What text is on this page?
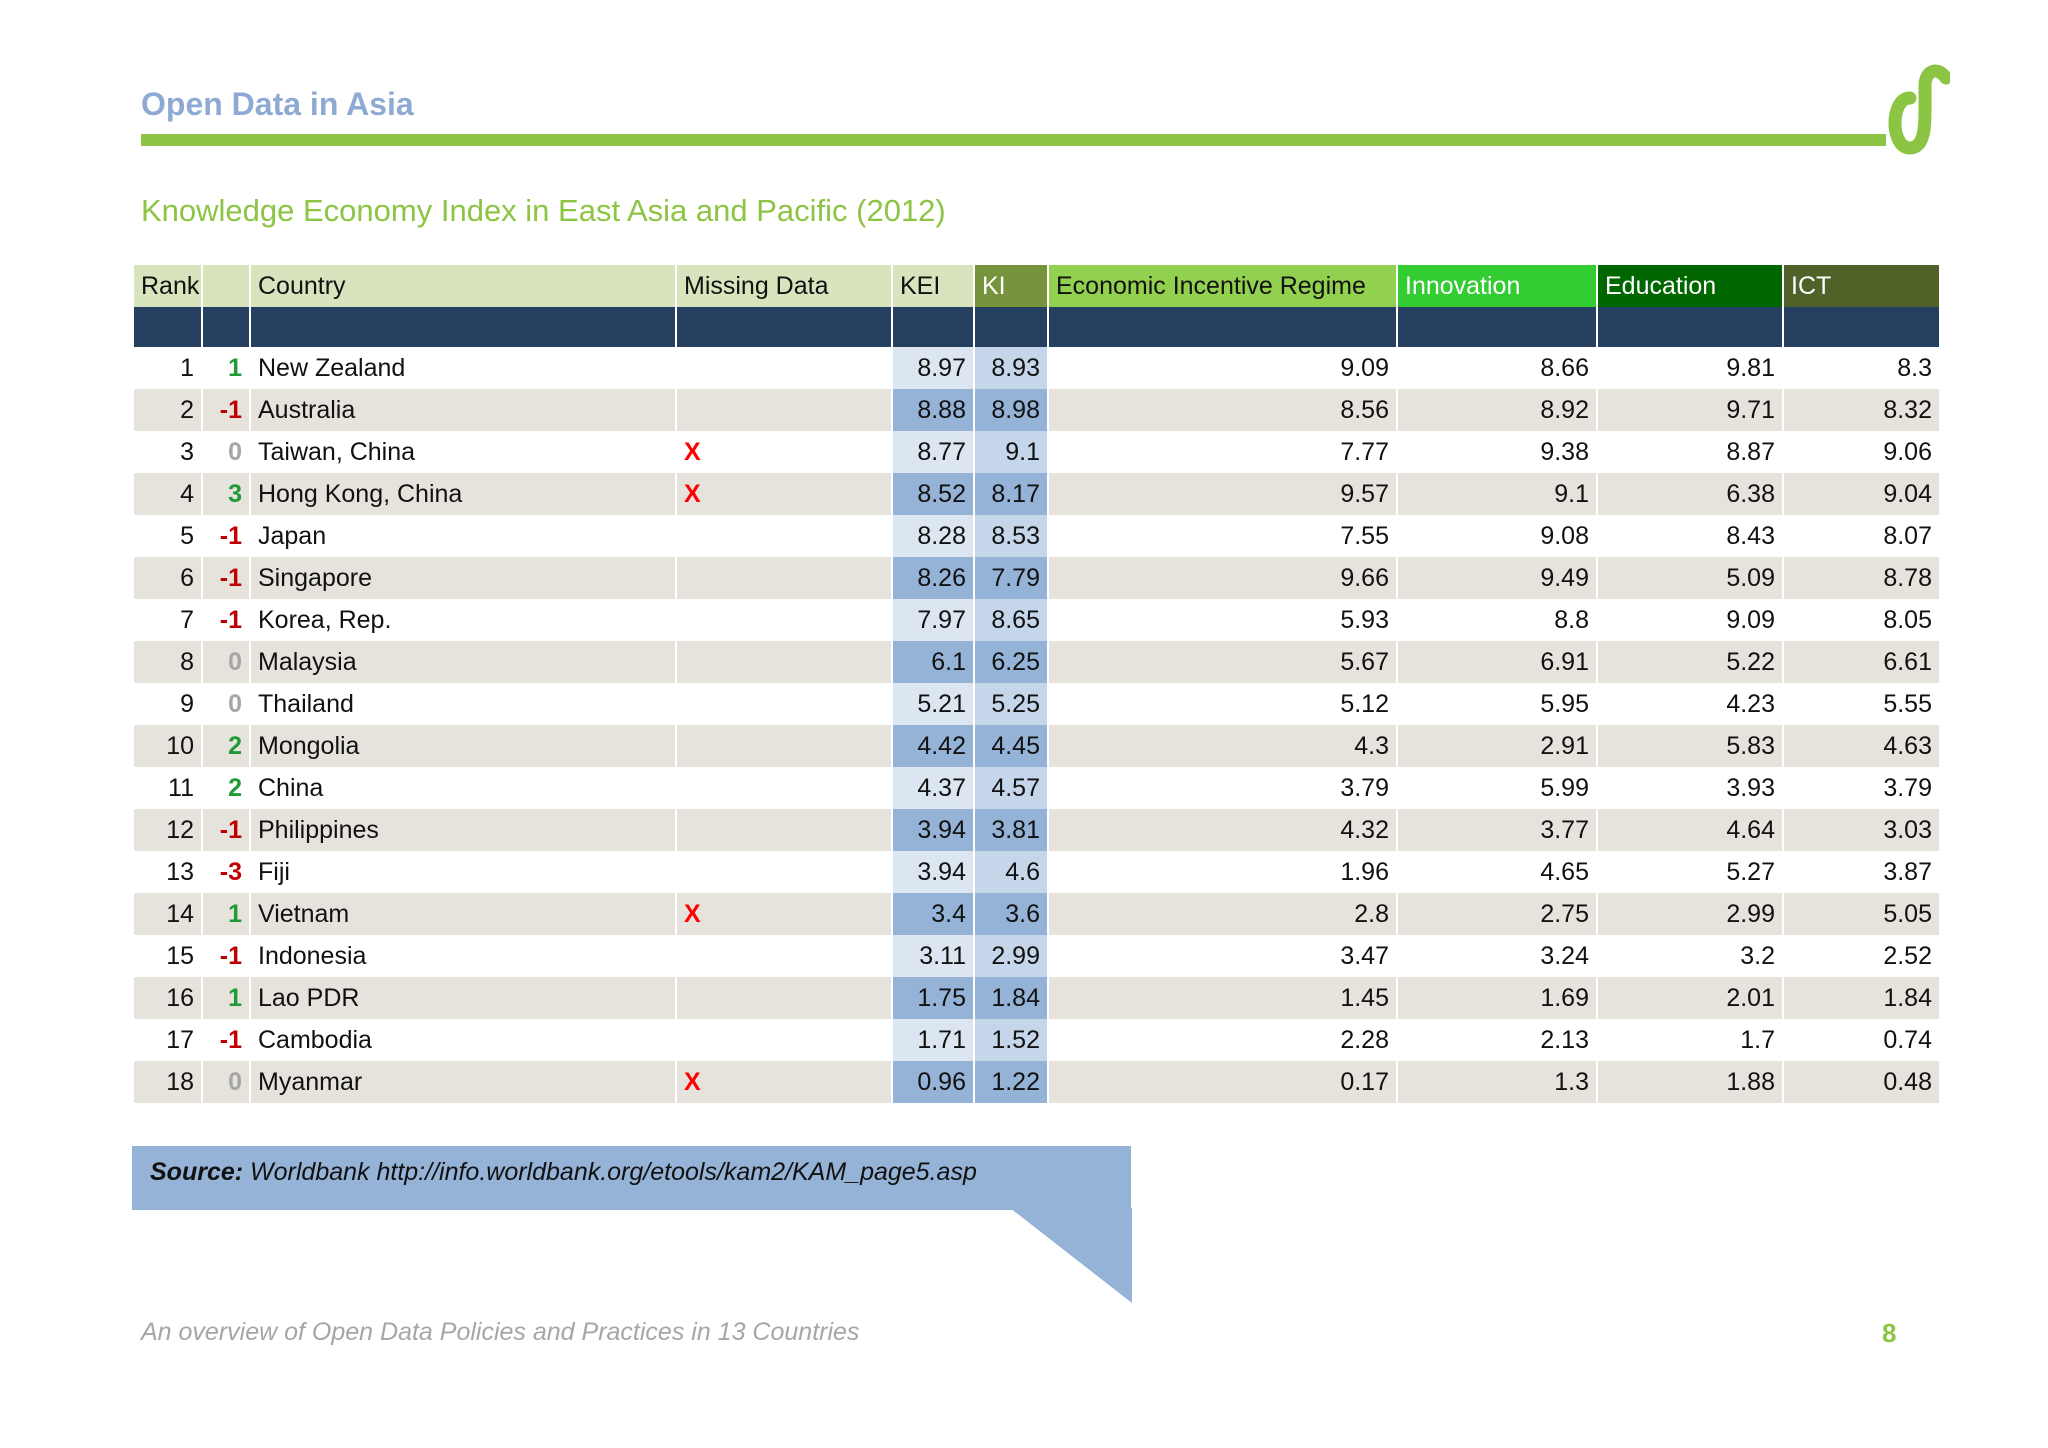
Open Data in Asia
Knowledge Economy Index in East Asia and Pacific (2012)
Rank		Country	Missing Data	KEI	KI	Economic Incentive Regime	Innovation	Education	ICT

1	1	New Zealand		8.97	8.93	9.09	8.66	9.81	8.3
2	-1	Australia		8.88	8.98	8.56	8.92	9.71	8.32
3	0	Taiwan, China	X	8.77	9.1	7.77	9.38	8.87	9.06
4	3	Hong Kong, China	X	8.52	8.17	9.57	9.1	6.38	9.04
5	-1	Japan		8.28	8.53	7.55	9.08	8.43	8.07
6	-1	Singapore		8.26	7.79	9.66	9.49	5.09	8.78
7	-1	Korea, Rep.		7.97	8.65	5.93	8.8	9.09	8.05
8	0	Malaysia		6.1	6.25	5.67	6.91	5.22	6.61
9	0	Thailand		5.21	5.25	5.12	5.95	4.23	5.55
10	2	Mongolia		4.42	4.45	4.3	2.91	5.83	4.63
11	2	China		4.37	4.57	3.79	5.99	3.93	3.79
12	-1	Philippines		3.94	3.81	4.32	3.77	4.64	3.03
13	-3	Fiji		3.94	4.6	1.96	4.65	5.27	3.87
14	1	Vietnam	X	3.4	3.6	2.8	2.75	2.99	5.05
15	-1	Indonesia		3.11	2.99	3.47	3.24	3.2	2.52
16	1	Lao PDR		1.75	1.84	1.45	1.69	2.01	1.84
17	-1	Cambodia		1.71	1.52	2.28	2.13	1.7	0.74
18	0	Myanmar	X	0.96	1.22	0.17	1.3	1.88	0.48
Source: Worldbank http://info.worldbank.org/etools/kam2/KAM_page5.asp
An overview of Open Data Policies and Practices in 13 Countries	8
